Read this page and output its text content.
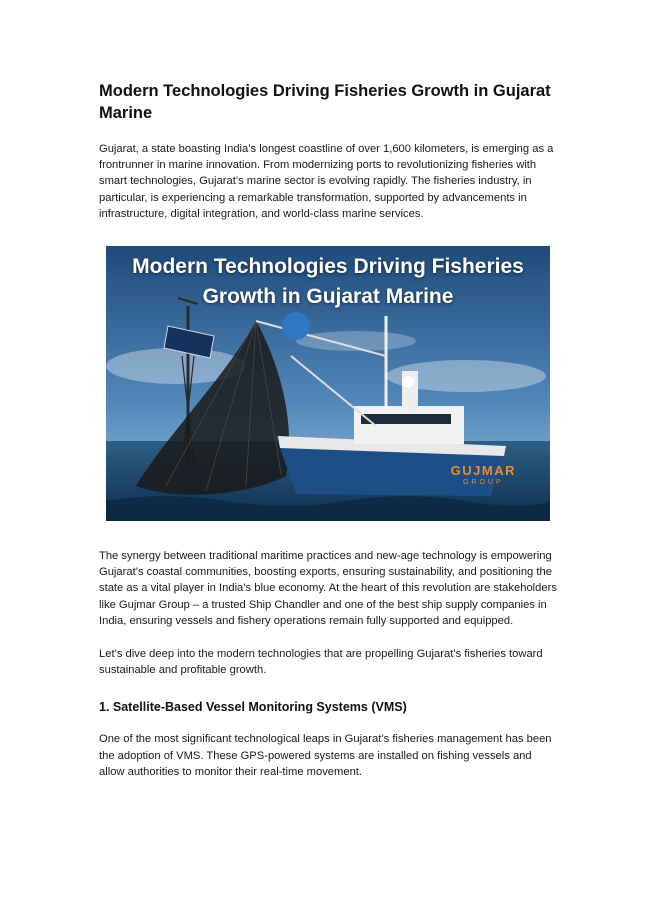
Modern Technologies Driving Fisheries Growth in Gujarat Marine

Gujarat, a state boasting India’s longest coastline of over 1,600 kilometers, is emerging as a frontrunner in marine innovation. From modernizing ports to revolutionizing fisheries with smart technologies, Gujarat’s marine sector is evolving rapidly. The fisheries industry, in particular, is experiencing a remarkable transformation, supported by advancements in infrastructure, digital integration, and world-class marine services.

Modern Technologies Driving Fisheries
Growth in Gujarat Marine
GUJMAR
GROUP

The synergy between traditional maritime practices and new-age technology is empowering Gujarat’s coastal communities, boosting exports, ensuring sustainability, and positioning the state as a vital player in India’s blue economy. At the heart of this revolution are stakeholders like Gujmar Group – a trusted Ship Chandler and one of the best ship supply companies in India, ensuring vessels and fishery operations remain fully supported and equipped.

Let’s dive deep into the modern technologies that are propelling Gujarat’s fisheries toward sustainable and profitable growth.

1. Satellite-Based Vessel Monitoring Systems (VMS)

One of the most significant technological leaps in Gujarat’s fisheries management has been the adoption of VMS. These GPS-powered systems are installed on fishing vessels and allow authorities to monitor their real-time movement.
